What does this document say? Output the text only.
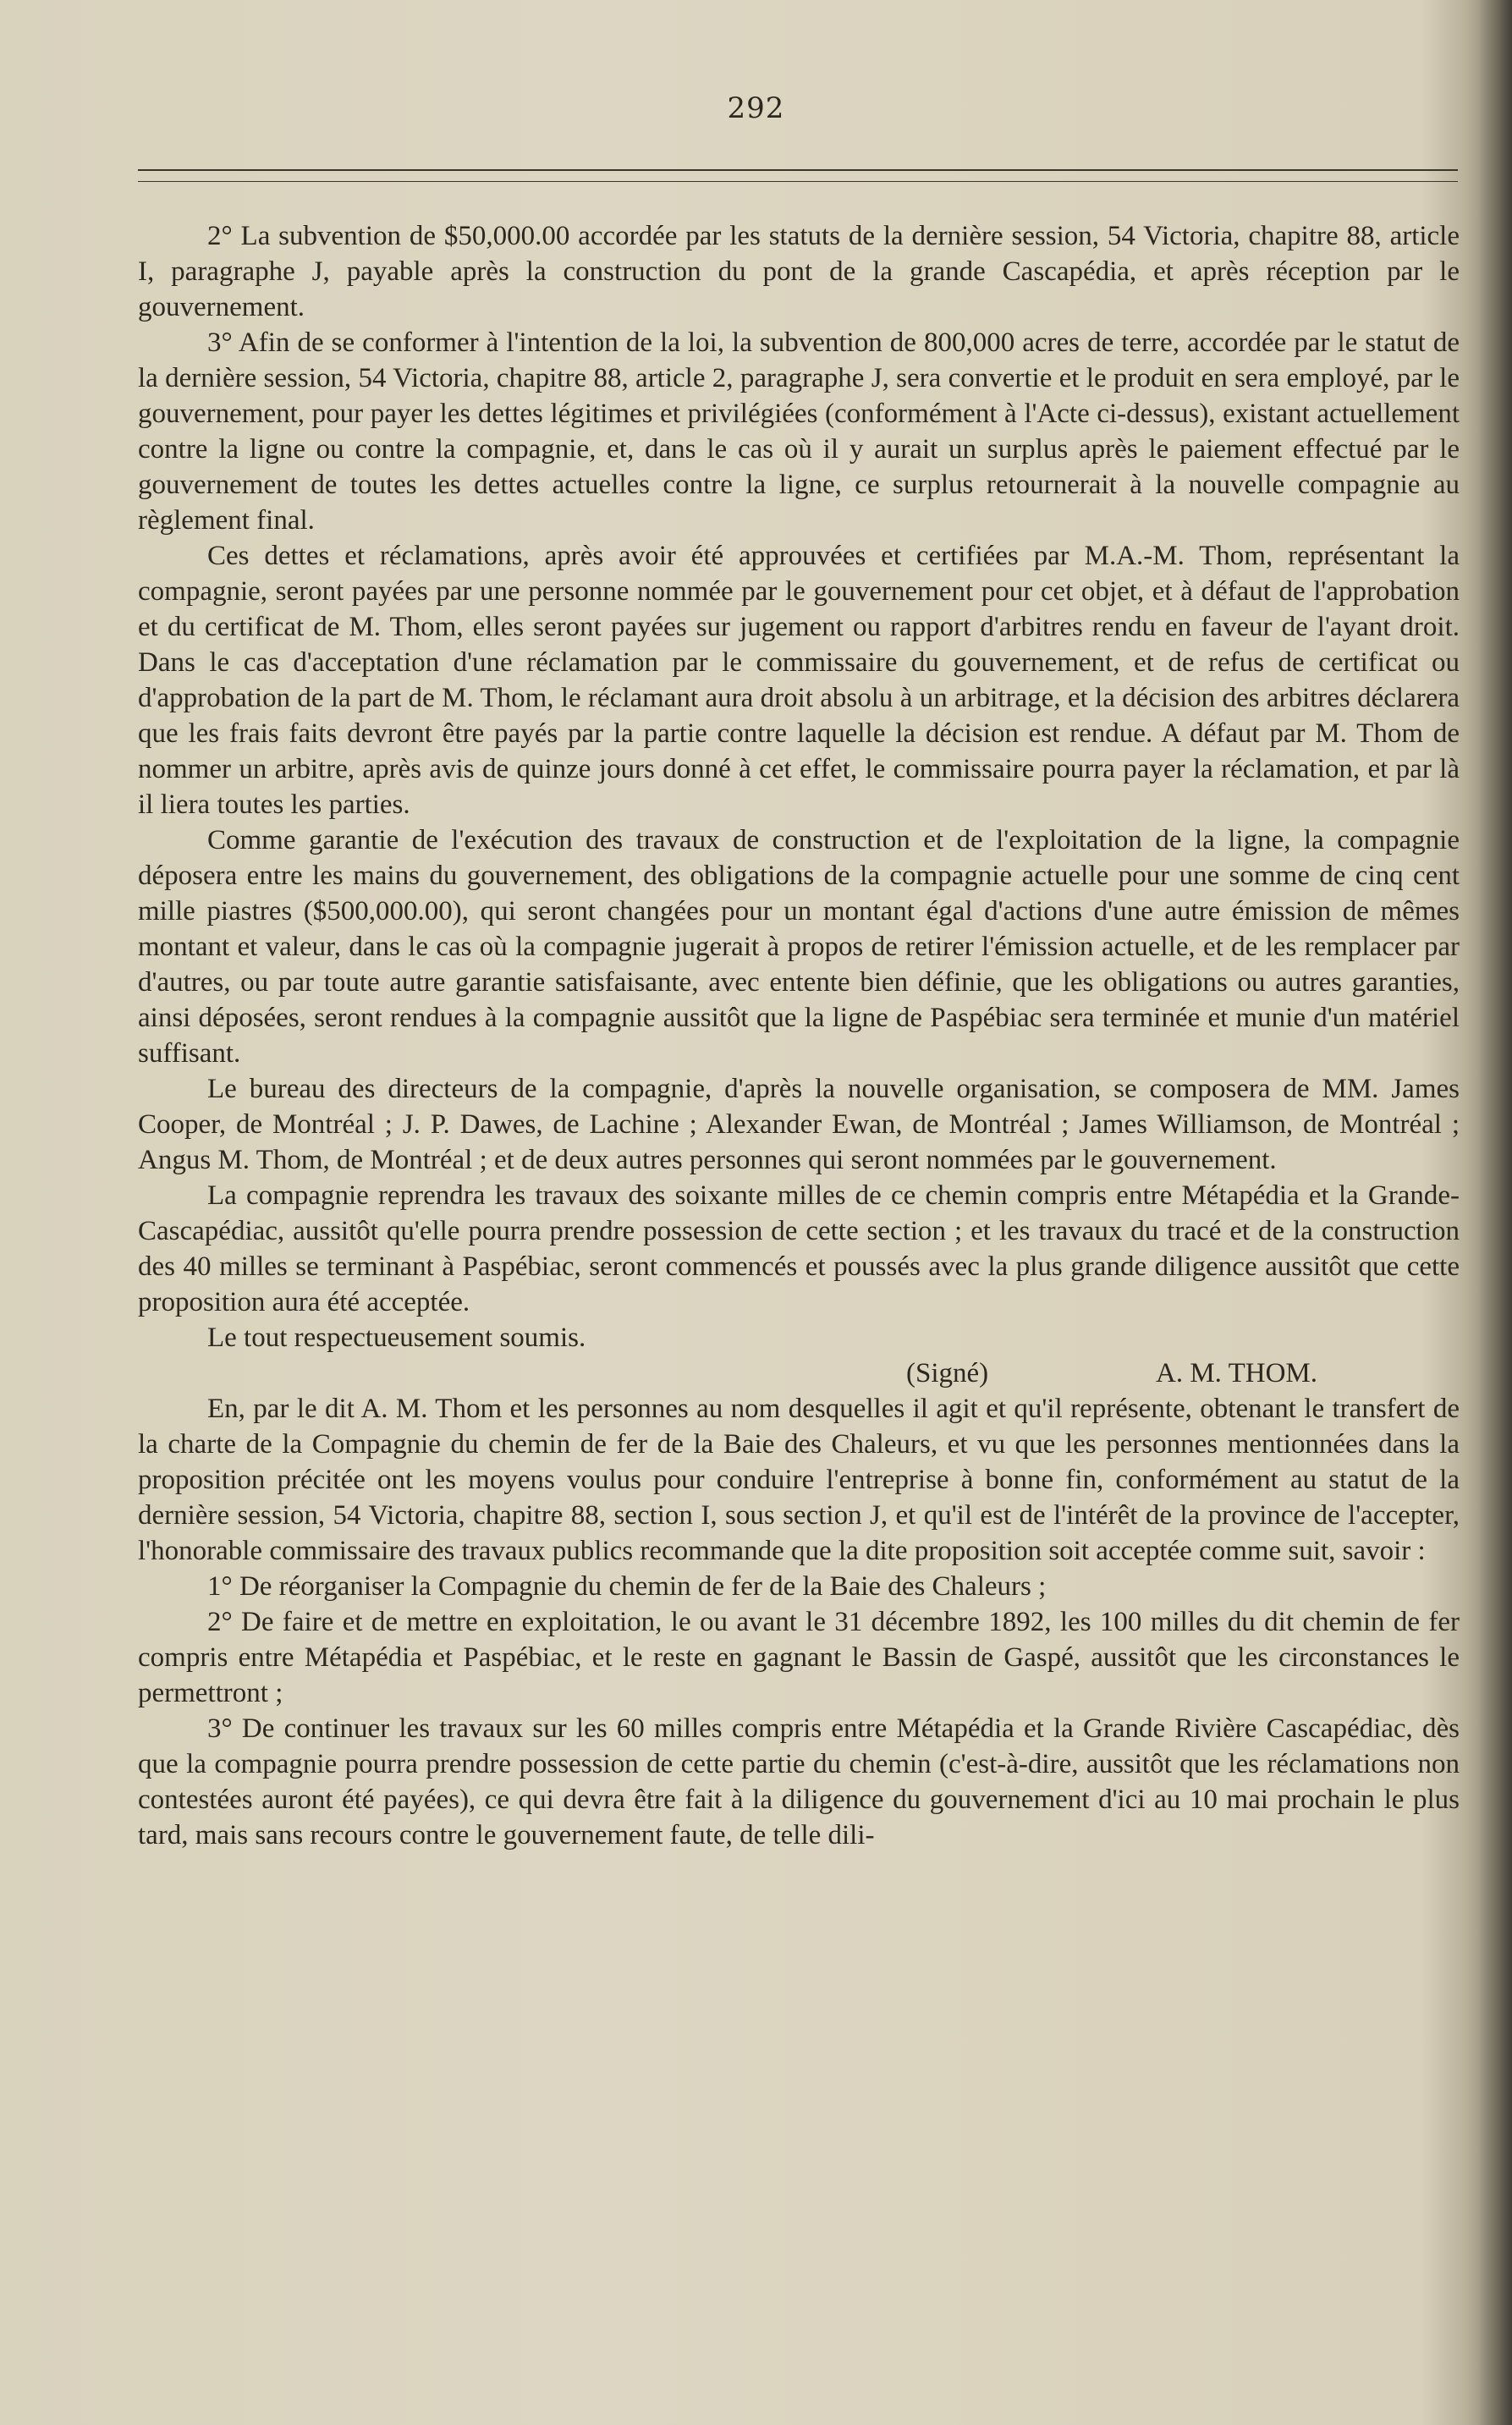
292

2° La subvention de $50,000.00 accordée par les statuts de la dernière session, 54 Victoria, chapitre 88, article I, paragraphe J, payable après la construction du pont de la grande Cascapédia, et après réception par le gouvernement.

3° Afin de se conformer à l'intention de la loi, la subvention de 800,000 acres de terre, accordée par le statut de la dernière session, 54 Victoria, chapitre 88, article 2, paragraphe J, sera convertie et le produit en sera employé, par le gouvernement, pour payer les dettes légitimes et privilégiées (conformément à l'Acte ci-dessus), existant actuellement contre la ligne ou contre la compagnie, et, dans le cas où il y aurait un surplus après le paiement effectué par le gouvernement de toutes les dettes actuelles contre la ligne, ce surplus retournerait à la nouvelle compagnie au règlement final.

Ces dettes et réclamations, après avoir été approuvées et certifiées par M.A.-M. Thom, représentant la compagnie, seront payées par une personne nommée par le gouvernement pour cet objet, et à défaut de l'approbation et du certificat de M. Thom, elles seront payées sur jugement ou rapport d'arbitres rendu en faveur de l'ayant droit. Dans le cas d'acceptation d'une réclamation par le commissaire du gouvernement, et de refus de certificat ou d'approbation de la part de M. Thom, le réclamant aura droit absolu à un arbitrage, et la décision des arbitres déclarera que les frais faits devront être payés par la partie contre laquelle la décision est rendue. A défaut par M. Thom de nommer un arbitre, après avis de quinze jours donné à cet effet, le commissaire pourra payer la réclamation, et par là il liera toutes les parties.

Comme garantie de l'exécution des travaux de construction et de l'exploitation de la ligne, la compagnie déposera entre les mains du gouvernement, des obligations de la compagnie actuelle pour une somme de cinq cent mille piastres ($500,000.00), qui seront changées pour un montant égal d'actions d'une autre émission de mêmes montant et valeur, dans le cas où la compagnie jugerait à propos de retirer l'émission actuelle, et de les remplacer par d'autres, ou par toute autre garantie satisfaisante, avec entente bien définie, que les obligations ou autres garanties, ainsi déposées, seront rendues à la compagnie aussitôt que la ligne de Paspébiac sera terminée et munie d'un matériel suffisant.

Le bureau des directeurs de la compagnie, d'après la nouvelle organisation, se composera de MM. James Cooper, de Montréal ; J. P. Dawes, de Lachine ; Alexander Ewan, de Montréal ; James Williamson, de Montréal ; Angus M. Thom, de Montréal ; et de deux autres personnes qui seront nommées par le gouvernement.

La compagnie reprendra les travaux des soixante milles de ce chemin compris entre Métapédia et la Grande-Cascapédiac, aussitôt qu'elle pourra prendre possession de cette section ; et les travaux du tracé et de la construction des 40 milles se terminant à Paspébiac, seront commencés et poussés avec la plus grande diligence aussitôt que cette proposition aura été acceptée.

Le tout respectueusement soumis.

(Signé)	A. M. THOM.

En, par le dit A. M. Thom et les personnes au nom desquelles il agit et qu'il représente, obtenant le transfert de la charte de la Compagnie du chemin de fer de la Baie des Chaleurs, et vu que les personnes mentionnées dans la proposition précitée ont les moyens voulus pour conduire l'entreprise à bonne fin, conformément au statut de la dernière session, 54 Victoria, chapitre 88, section I, sous section J, et qu'il est de l'intérêt de la province de l'accepter, l'honorable commissaire des travaux publics recommande que la dite proposition soit acceptée comme suit, savoir :

1° De réorganiser la Compagnie du chemin de fer de la Baie des Chaleurs ;

2° De faire et de mettre en exploitation, le ou avant le 31 décembre 1892, les 100 milles du dit chemin de fer compris entre Métapédia et Paspébiac, et le reste en gagnant le Bassin de Gaspé, aussitôt que les circonstances le permettront ;

3° De continuer les travaux sur les 60 milles compris entre Métapédia et la Grande Rivière Cascapédiac, dès que la compagnie pourra prendre possession de cette partie du chemin (c'est-à-dire, aussitôt que les réclamations non contestées auront été payées), ce qui devra être fait à la diligence du gouvernement d'ici au 10 mai prochain le plus tard, mais sans recours contre le gouvernement faute, de telle dili-
